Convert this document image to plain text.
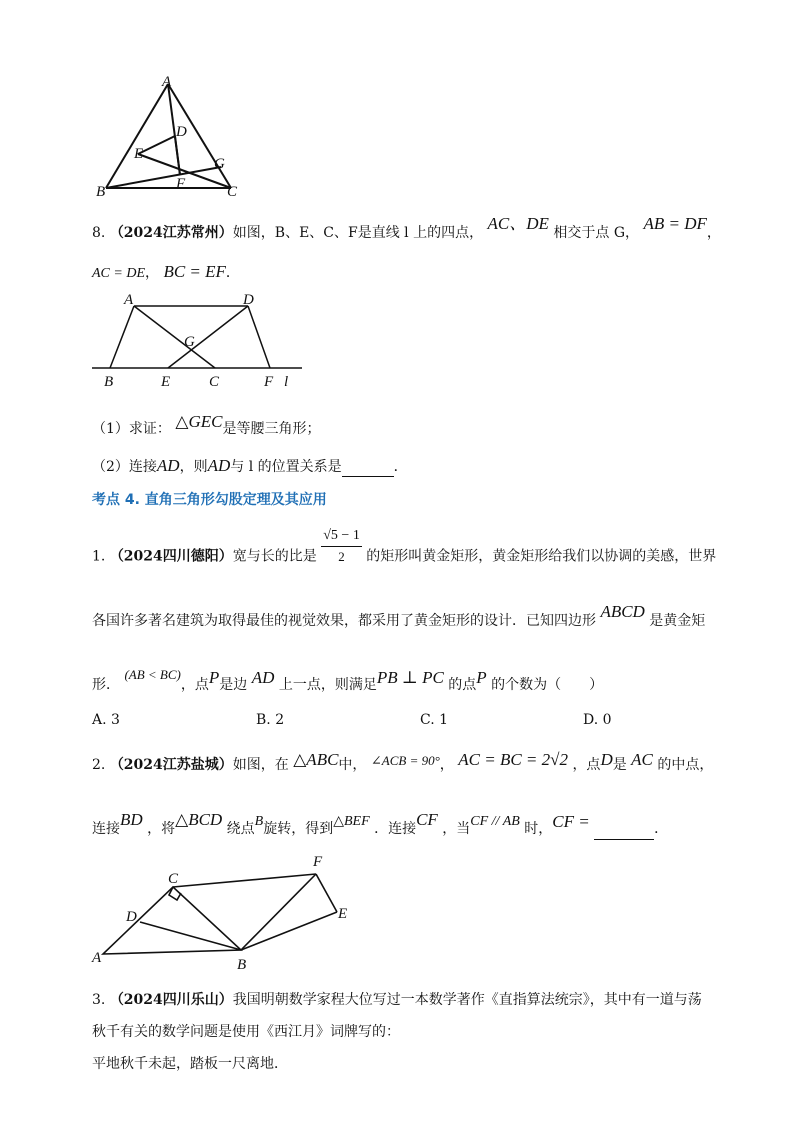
A
D
E
G
F
B	C
8. （2024江苏常州）如图，B、E、C、F是直线 l 上的四点， AC、DE 相交于点 G， AB = DF，
AC = DE， BC = EF．
A	D
G
B	E	C	F l
（1）求证： △GEC是等腰三角形；
（2）连接AD，则AD与 l 的位置关系是	．
考点 4. 直角三角形勾股定理及其应用
1. （2024四川德阳）宽与长的比是 $\frac{√5 - 1}{2}$ 的矩形叫黄金矩形，黄金矩形给我们以协调的美感，世界
各国许多著名建筑为取得最佳的视觉效果，都采用了黄金矩形的设计．已知四边形 ABCD 是黄金矩
形． (AB < BC)，点P是边 AD 上一点，则满足PB ⊥ PC 的点P 的个数为（　　）
A. 3	B. 2	C. 1	D. 0
2. （2024江苏盐城）如图，在 △ABC中， ∠ACB = 90°， AC = BC = 2√2 ，点D是 AC 的中点，
连接BD ，将△BCD 绕点B旋转，得到△BEF ．连接CF ，当CF // AB 时，CF =	．
F
C
D	E
A	B
3. （2024四川乐山）我国明朝数学家程大位写过一本数学著作《直指算法统宗》，其中有一道与荡
秋千有关的数学问题是使用《西江月》词牌写的：
平地秋千未起，踏板一尺离地．
